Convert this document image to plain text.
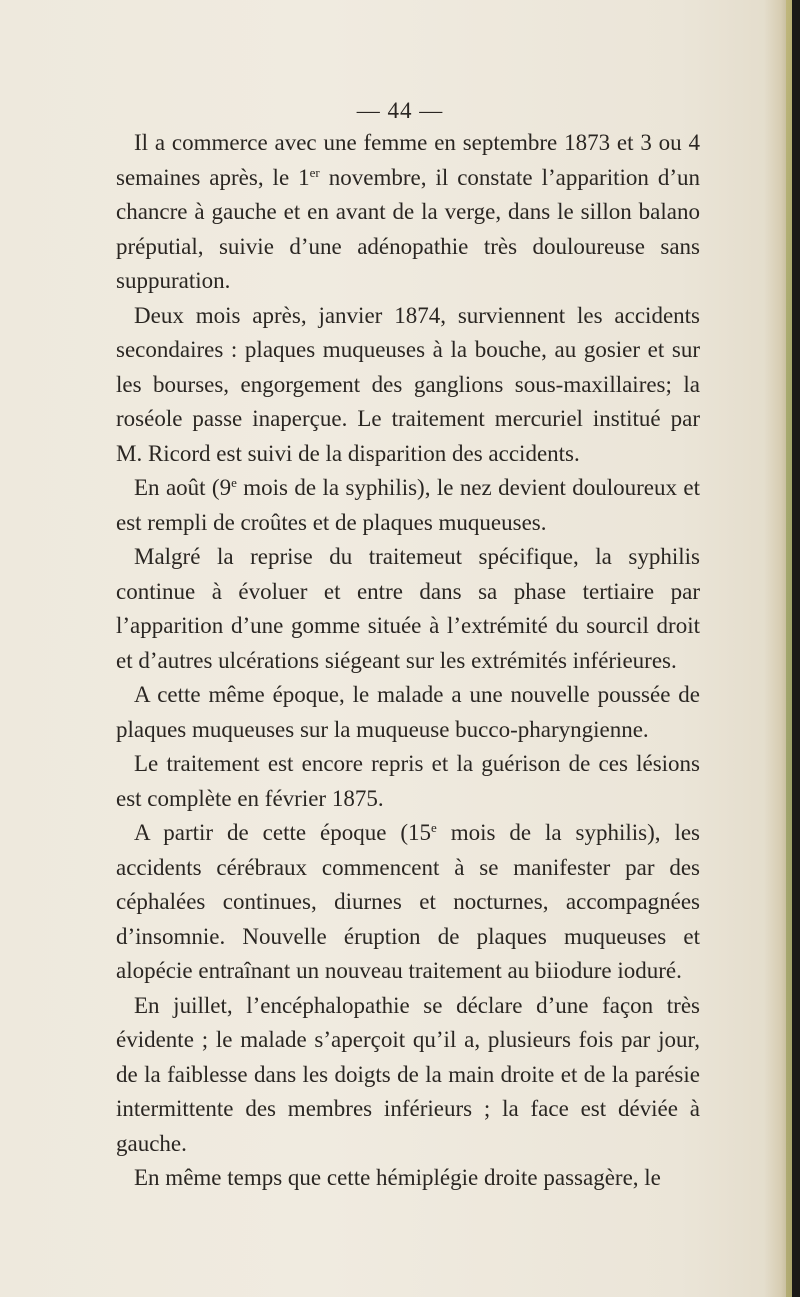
— 44 —

Il a commerce avec une femme en septembre 1873 et 3 ou 4 semaines après, le 1er novembre, il constate l’apparition d’un chancre à gauche et en avant de la verge, dans le sillon balano préputial, suivie d’une adénopathie très douloureuse sans suppuration.

Deux mois après, janvier 1874, surviennent les accidents secondaires : plaques muqueuses à la bouche, au gosier et sur les bourses, engorgement des ganglions sous-maxillaires; la roséole passe inaperçue. Le traitement mercuriel institué par M. Ricord est suivi de la disparition des accidents.

En août (9e mois de la syphilis), le nez devient douloureux et est rempli de croûtes et de plaques muqueuses.

Malgré la reprise du traitemeut spécifique, la syphilis continue à évoluer et entre dans sa phase tertiaire par l’apparition d’une gomme située à l’extrémité du sourcil droit et d’autres ulcérations siégeant sur les extrémités inférieures.

A cette même époque, le malade a une nouvelle poussée de plaques muqueuses sur la muqueuse bucco-pharyngienne.

Le traitement est encore repris et la guérison de ces lésions est complète en février 1875.

A partir de cette époque (15e mois de la syphilis), les accidents cérébraux commencent à se manifester par des céphalées continues, diurnes et nocturnes, accompagnées d’insomnie. Nouvelle éruption de plaques muqueuses et alopécie entraînant un nouveau traitement au biiodure ioduré.

En juillet, l’encéphalopathie se déclare d’une façon très évidente ; le malade s’aperçoit qu’il a, plusieurs fois par jour, de la faiblesse dans les doigts de la main droite et de la parésie intermittente des membres inférieurs ; la face est déviée à gauche.

En même temps que cette hémiplégie droite passagère, le
